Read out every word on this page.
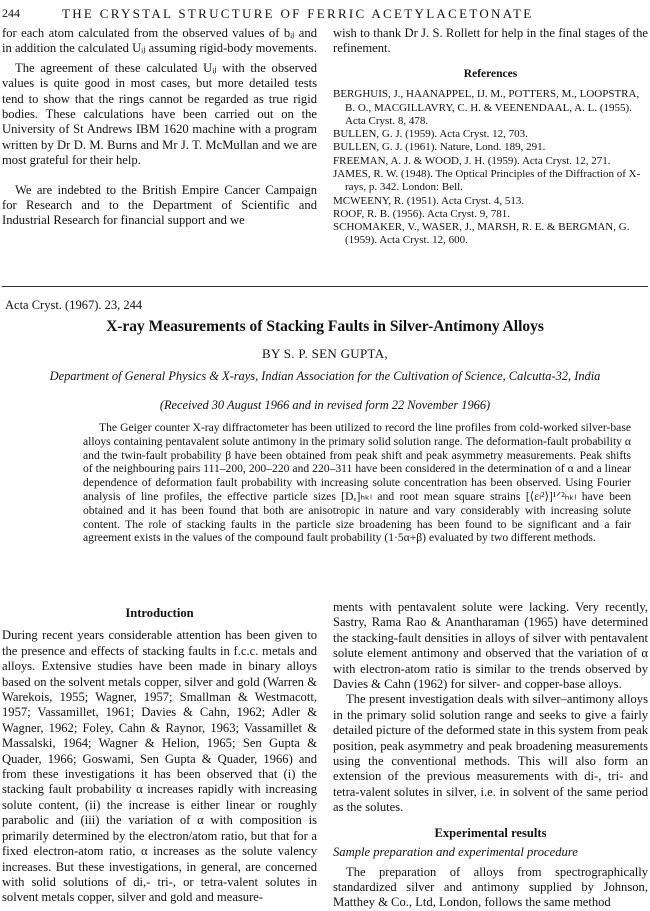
244	THE CRYSTAL STRUCTURE OF FERRIC ACETYLACETONATE

for each atom calculated from the observed values of bᵢⱼ and in addition the calculated Uᵢⱼ assuming rigid-body movements.

The agreement of these calculated Uᵢⱼ with the observed values is quite good in most cases, but more detailed tests tend to show that the rings cannot be regarded as true rigid bodies. These calculations have been carried out on the University of St Andrews IBM 1620 machine with a program written by Dr D. M. Burns and Mr J. T. McMullan and we are most grateful for their help.

We are indebted to the British Empire Cancer Campaign for Research and to the Department of Scientific and Industrial Research for financial support and we

wish to thank Dr J. S. Rollett for help in the final stages of the refinement.

References
BERGHUIS, J., HAANAPPEL, IJ. M., POTTERS, M., LOOPSTRA, B. O., MACGILLAVRY, C. H. & VEENENDAAL, A. L. (1955). Acta Cryst. 8, 478.
BULLEN, G. J. (1959). Acta Cryst. 12, 703.
BULLEN, G. J. (1961). Nature, Lond. 189, 291.
FREEMAN, A. J. & WOOD, J. H. (1959). Acta Cryst. 12, 271.
JAMES, R. W. (1948). The Optical Principles of the Diffraction of X-rays, p. 342. London: Bell.
MCWEENY, R. (1951). Acta Cryst. 4, 513.
ROOF, R. B. (1956). Acta Cryst. 9, 781.
SCHOMAKER, V., WASER, J., MARSH, R. E. & BERGMAN, G. (1959). Acta Cryst. 12, 600.
Acta Cryst. (1967). 23, 244
X-ray Measurements of Stacking Faults in Silver-Antimony Alloys
BY S. P. SEN GUPTA,
Department of General Physics & X-rays, Indian Association for the Cultivation of Science, Calcutta-32, India
(Received 30 August 1966 and in revised form 22 November 1966)

The Geiger counter X-ray diffractometer has been utilized to record the line profiles from cold-worked silver-base alloys containing pentavalent solute antimony in the primary solid solution range. The deformation-fault probability α and the twin-fault probability β have been obtained from peak shift and peak asymmetry measurements. Peak shifts of the neighbouring pairs 111–200, 200–220 and 220–311 have been considered in the determination of α and a linear dependence of deformation fault probability with increasing solute concentration has been observed. Using Fourier analysis of line profiles, the effective particle sizes [Dₑ]ₕₖₗ and root mean square strains [⟨εₗ²⟩]¹ᐟ²ₕₖₗ have been obtained and it has been found that both are anisotropic in nature and vary considerably with increasing solute content. The role of stacking faults in the particle size broadening has been found to be significant and a fair agreement exists in the values of the compound fault probability (1·5α+β) evaluated by two different methods.

Introduction

During recent years considerable attention has been given to the presence and effects of stacking faults in f.c.c. metals and alloys. Extensive studies have been made in binary alloys based on the solvent metals copper, silver and gold (Warren & Warekois, 1955; Wagner, 1957; Smallman & Westmacott, 1957; Vassamillet, 1961; Davies & Cahn, 1962; Adler & Wagner, 1962; Foley, Cahn & Raynor, 1963; Vassamillet & Massalski, 1964; Wagner & Helion, 1965; Sen Gupta & Quader, 1966; Goswami, Sen Gupta & Quader, 1966) and from these investigations it has been observed that (i) the stacking fault probability α increases rapidly with increasing solute content, (ii) the increase is either linear or roughly parabolic and (iii) the variation of α with composition is primarily determined by the electron/atom ratio, but that for a fixed electron-atom ratio, α increases as the solute valency increases. But these investigations, in general, are concerned with solid solutions of di,- tri-, or tetra-valent solutes in solvent metals copper, silver and gold and measure-

ments with pentavalent solute were lacking. Very recently, Sastry, Rama Rao & Anantharaman (1965) have determined the stacking-fault densities in alloys of silver with pentavalent solute element antimony and observed that the variation of α with electron-atom ratio is similar to the trends observed by Davies & Cahn (1962) for silver- and copper-base alloys.

The present investigation deals with silver–antimony alloys in the primary solid solution range and seeks to give a fairly detailed picture of the deformed state in this system from peak position, peak asymmetry and peak broadening measurements using the conventional methods. This will also form an extension of the previous measurements with di-, tri- and tetra-valent solutes in silver, i.e. in solvent of the same period as the solutes.

Experimental results
Sample preparation and experimental procedure

The preparation of alloys from spectrographically standardized silver and antimony supplied by Johnson, Matthey & Co., Ltd, London, follows the same method
